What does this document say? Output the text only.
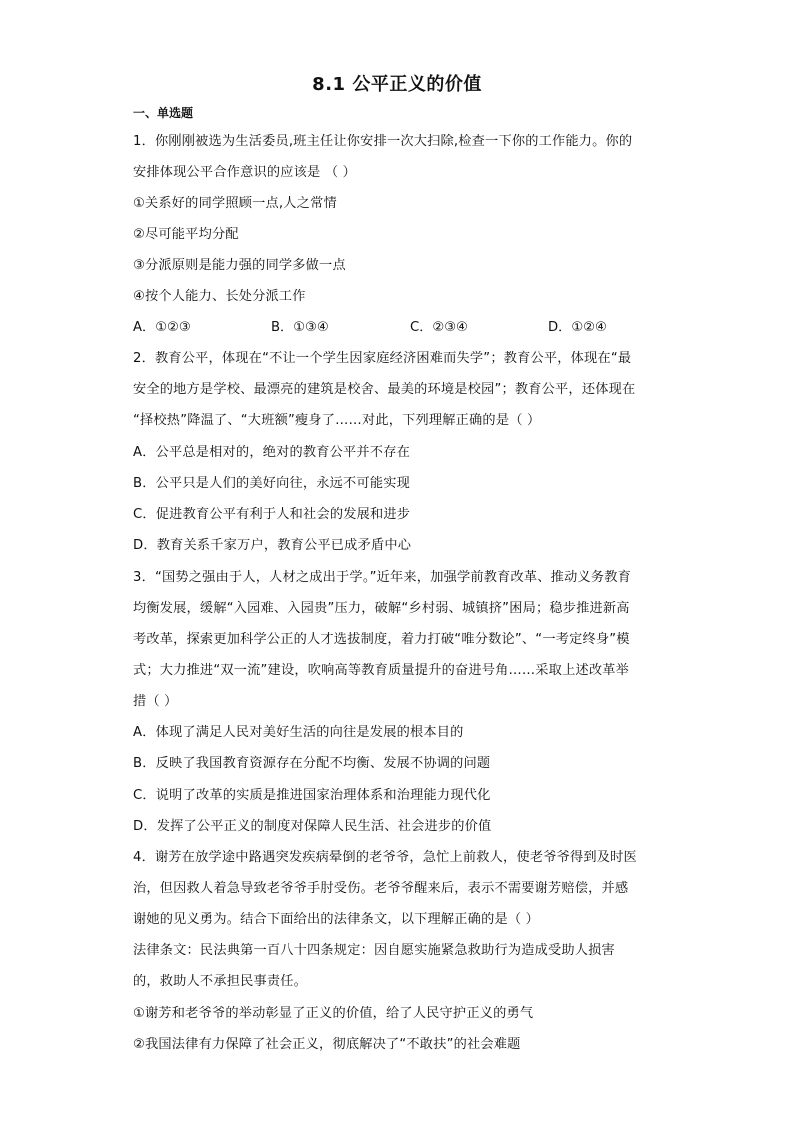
8.1 公平正义的价值
一、单选题
1．你刚刚被选为生活委员,班主任让你安排一次大扫除,检查一下你的工作能力。你的
安排体现公平合作意识的应该是 （ ）
①关系好的同学照顾一点,人之常情
②尽可能平均分配
③分派原则是能力强的同学多做一点
④按个人能力、长处分派工作
A．①②③	B．①③④	C．②③④	D．①②④
2．教育公平，体现在“不让一个学生因家庭经济困难而失学”；教育公平，体现在“最
安全的地方是学校、最漂亮的建筑是校舍、最美的环境是校园”；教育公平，还体现在
“择校热”降温了、“大班额”瘦身了……对此，下列理解正确的是（ ）
A．公平总是相对的，绝对的教育公平并不存在
B．公平只是人们的美好向往，永远不可能实现
C．促进教育公平有利于人和社会的发展和进步
D．教育关系千家万户，教育公平已成矛盾中心
3．“国势之强由于人，人材之成出于学。”近年来，加强学前教育改革、推动义务教育
均衡发展，缓解“入园难、入园贵”压力，破解“乡村弱、城镇挤”困局；稳步推进新高
考改革，探索更加科学公正的人才选拔制度，着力打破“唯分数论”、“一考定终身”模
式；大力推进“双一流”建设，吹响高等教育质量提升的奋进号角……采取上述改革举
措（ ）
A．体现了满足人民对美好生活的向往是发展的根本目的
B．反映了我国教育资源存在分配不均衡、发展不协调的问题
C．说明了改革的实质是推进国家治理体系和治理能力现代化
D．发挥了公平正义的制度对保障人民生活、社会进步的价值
4．谢芳在放学途中路遇突发疾病晕倒的老爷爷，急忙上前救人，使老爷爷得到及时医
治，但因救人着急导致老爷爷手肘受伤。老爷爷醒来后，表示不需要谢芳赔偿，并感
谢她的见义勇为。结合下面给出的法律条文，以下理解正确的是（ ）
法律条文：民法典第一百八十四条规定：因自愿实施紧急救助行为造成受助人损害
的，救助人不承担民事责任。
①谢芳和老爷爷的举动彰显了正义的价值，给了人民守护正义的勇气
②我国法律有力保障了社会正义，彻底解决了“不敢扶”的社会难题
